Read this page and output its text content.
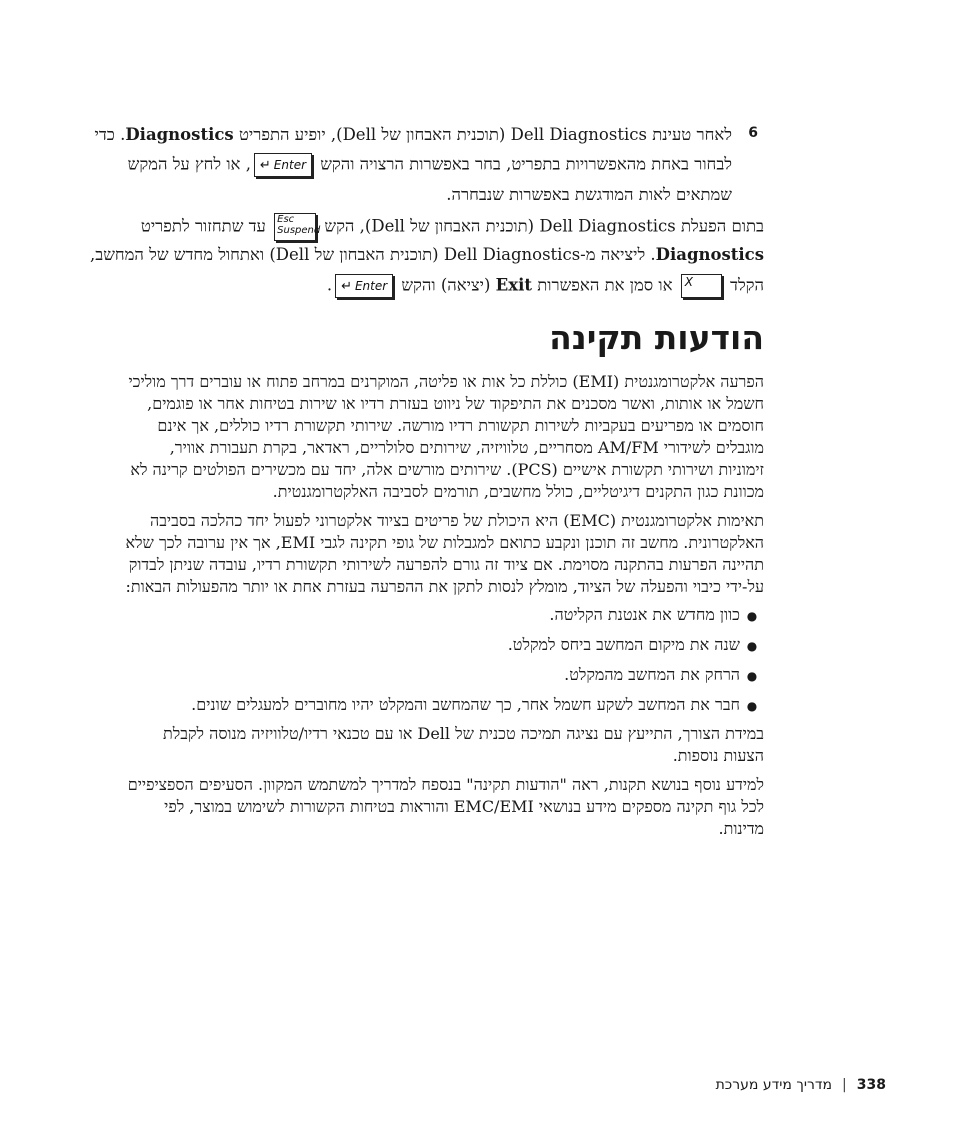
6
לאחר טעינת Dell Diagnostics (תוכנית האבחון של Dell), יופיע התפריט Diagnostics. כדי
לבחור באחת מהאפשרויות בתפריט, בחר באפשרות הרצויה והקש ↵ Enter, או לחץ על המקש
שמתאים לאות המודגשת באפשרות שנבחרה.
בתום הפעלת Dell Diagnostics (תוכנית האבחון של Dell), הקש
Esc
Suspend
עד שתחזור לתפריט
Diagnostics. ליציאה מ-Dell Diagnostics (תוכנית האבחון של Dell) ואתחול מחדש של המחשב,
הקלד X או סמן את האפשרות Exit (יציאה) והקש ↵ Enter.
הודעות תקינה
הפרעה אלקטרומגנטית (EMI) כוללת כל אות או פליטה, המוקרנים במרחב פתוח או עוברים דרך מוליכי
חשמל או אותות, ואשר מסכנים את התיפקוד של ניווט בעזרת רדיו או שירות בטיחות אחר או פוגמים,
חוסמים או מפריעים בעקביות לשירות תקשורת רדיו מורשה. שירותי תקשורת רדיו כוללים, אך אינם
מוגבלים לשידורי AM/FM מסחריים, טלוויזיה, שירותים סלולריים, ראדאר, בקרת תעבורת אוויר,
זימוניות ושירותי תקשורת אישיים (PCS). שירותים מורשים אלה, יחד עם מכשירים הפולטים קרינה לא
מכוונת כגון התקנים דיגיטליים, כולל מחשבים, תורמים לסביבה האלקטרומגנטית.
תאימות אלקטרומגנטית (EMC) היא היכולת של פריטים בציוד אלקטרוני לפעול יחד כהלכה בסביבה
האלקטרונית. מחשב זה תוכנן ונקבע כתואם למגבלות של גופי תקינה לגבי EMI, אך אין ערובה לכך שלא
תהיינה הפרעות בהתקנה מסוימת. אם ציוד זה גורם להפרעה לשירותי תקשורת רדיו, עובדה שניתן לבדוק
על-ידי כיבוי והפעלה של הציוד, מומלץ לנסות לתקן את ההפרעה בעזרת אחת או יותר מהפעולות הבאות:
●כוון מחדש את אנטנת הקליטה.
●שנה את מיקום המחשב ביחס למקלט.
●הרחק את המחשב מהמקלט.
●חבר את המחשב לשקע חשמל אחר, כך שהמחשב והמקלט יהיו מחוברים למעגלים שונים.
במידת הצורך, התייעץ עם נציגה תמיכה טכנית של Dell או עם טכנאי רדיו/טלוויזיה מנוסה לקבלת
הצעות נוספות.
למידע נוסף בנושא תקנות, ראה "הודעות תקינה" בנספח למדריך למשתמש המקוון. הסעיפים הספציפיים
לכל גוף תקינה מספקים מידע בנושאי EMC/EMI והוראות בטיחות הקשורות לשימוש במוצר, לפי
מדינות.
338|מדריך מידע מערכת
